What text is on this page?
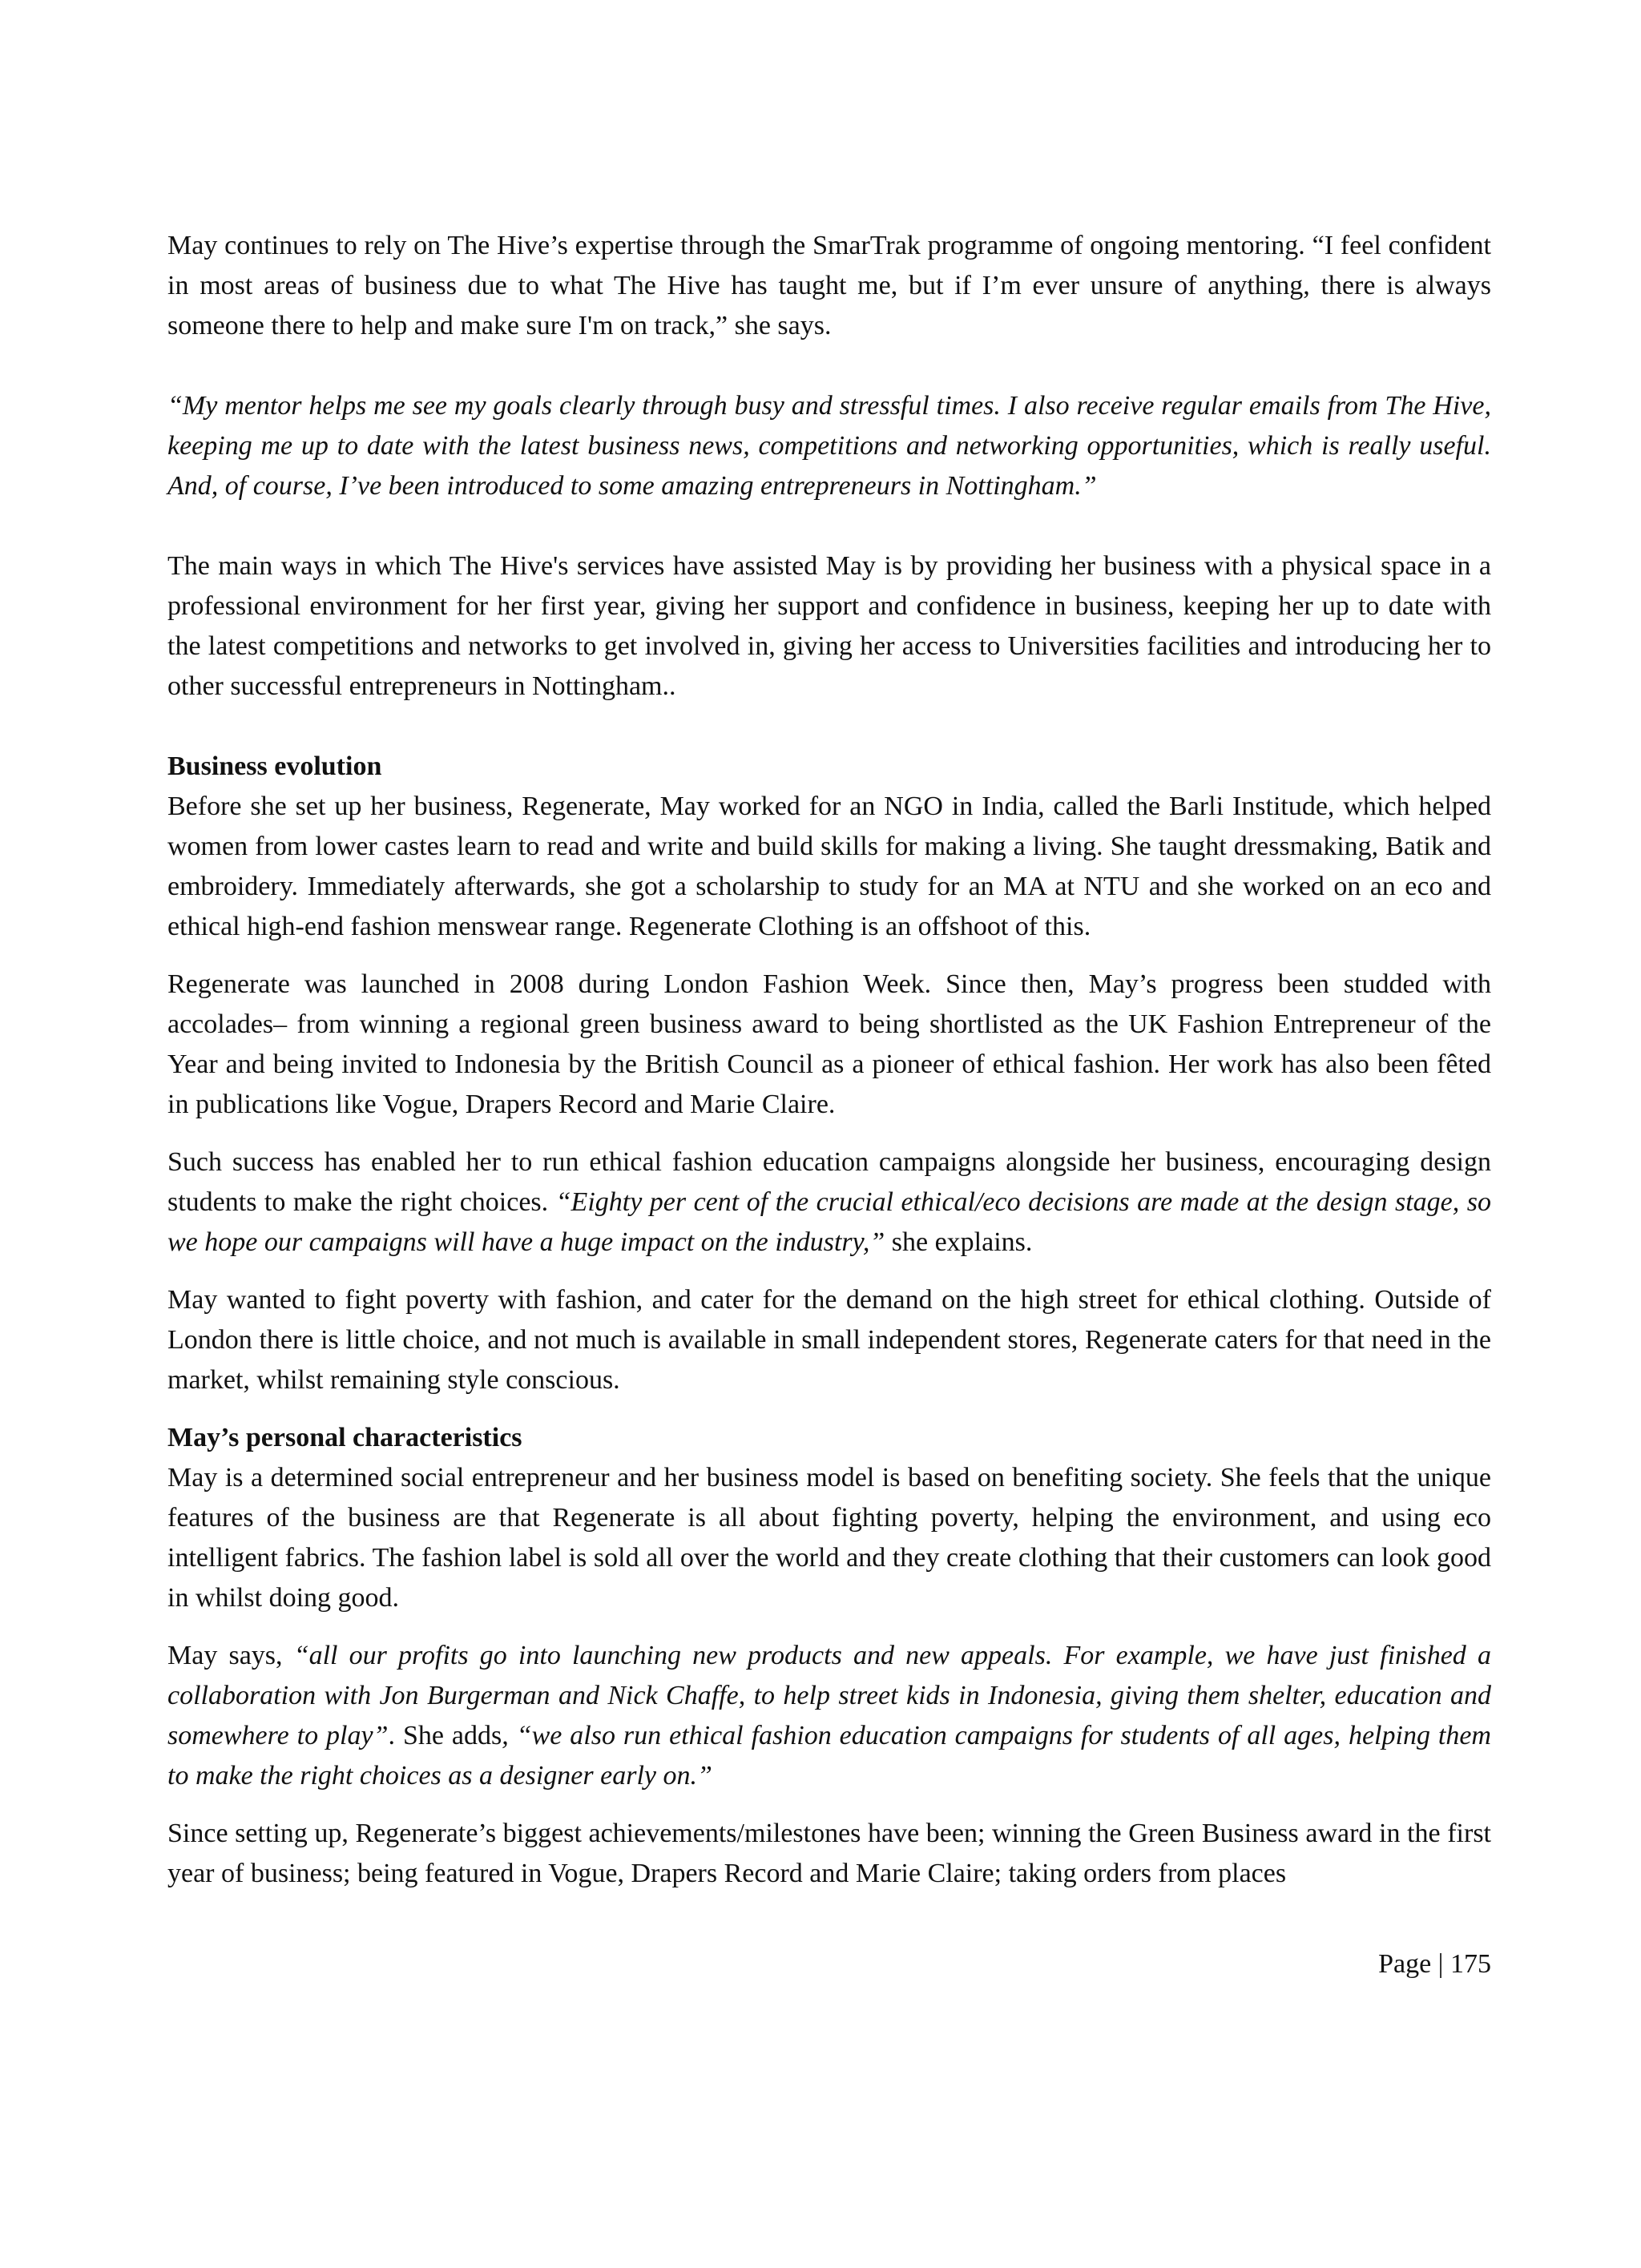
May continues to rely on The Hive’s expertise through the SmarTrak programme of ongoing mentoring. “I feel confident in most areas of business due to what The Hive has taught me, but if I’m ever unsure of anything, there is always someone there to help and make sure I'm on track,” she says.

“My mentor helps me see my goals clearly through busy and stressful times. I also receive regular emails from The Hive, keeping me up to date with the latest business news, competitions and networking opportunities, which is really useful. And, of course, I’ve been introduced to some amazing entrepreneurs in Nottingham.”

The main ways in which The Hive's services have assisted May is by providing her business with a physical space in a professional environment for her first year, giving her support and confidence in business, keeping her up to date with the latest competitions and networks to get involved in, giving her access to Universities facilities and introducing her to other successful entrepreneurs in Nottingham..

Business evolution

Before she set up her business, Regenerate, May worked for an NGO in India, called the Barli Institude, which helped women from lower castes learn to read and write and build skills for making a living. She taught dressmaking, Batik and embroidery. Immediately afterwards, she got a scholarship to study for an MA at NTU and she worked on an eco and ethical high-end fashion menswear range. Regenerate Clothing is an offshoot of this.

Regenerate was launched in 2008 during London Fashion Week. Since then, May’s progress been studded with accolades– from winning a regional green business award to being shortlisted as the UK Fashion Entrepreneur of the Year and being invited to Indonesia by the British Council as a pioneer of ethical fashion. Her work has also been fêted in publications like Vogue, Drapers Record and Marie Claire.

Such success has enabled her to run ethical fashion education campaigns alongside her business, encouraging design students to make the right choices. “Eighty per cent of the crucial ethical/eco decisions are made at the design stage, so we hope our campaigns will have a huge impact on the industry,” she explains.

May wanted to fight poverty with fashion, and cater for the demand on the high street for ethical clothing. Outside of London there is little choice, and not much is available in small independent stores, Regenerate caters for that need in the market, whilst remaining style conscious.

May’s personal characteristics

May is a determined social entrepreneur and her business model is based on benefiting society. She feels that the unique features of the business are that Regenerate is all about fighting poverty, helping the environment, and using eco intelligent fabrics. The fashion label is sold all over the world and they create clothing that their customers can look good in whilst doing good.

May says, “all our profits go into launching new products and new appeals. For example, we have just finished a collaboration with Jon Burgerman and Nick Chaffe, to help street kids in Indonesia, giving them shelter, education and somewhere to play”. She adds, “we also run ethical fashion education campaigns for students of all ages, helping them to make the right choices as a designer early on.”

Since setting up, Regenerate’s biggest achievements/milestones have been; winning the Green Business award in the first year of business; being featured in Vogue, Drapers Record and Marie Claire; taking orders from places

Page | 175
